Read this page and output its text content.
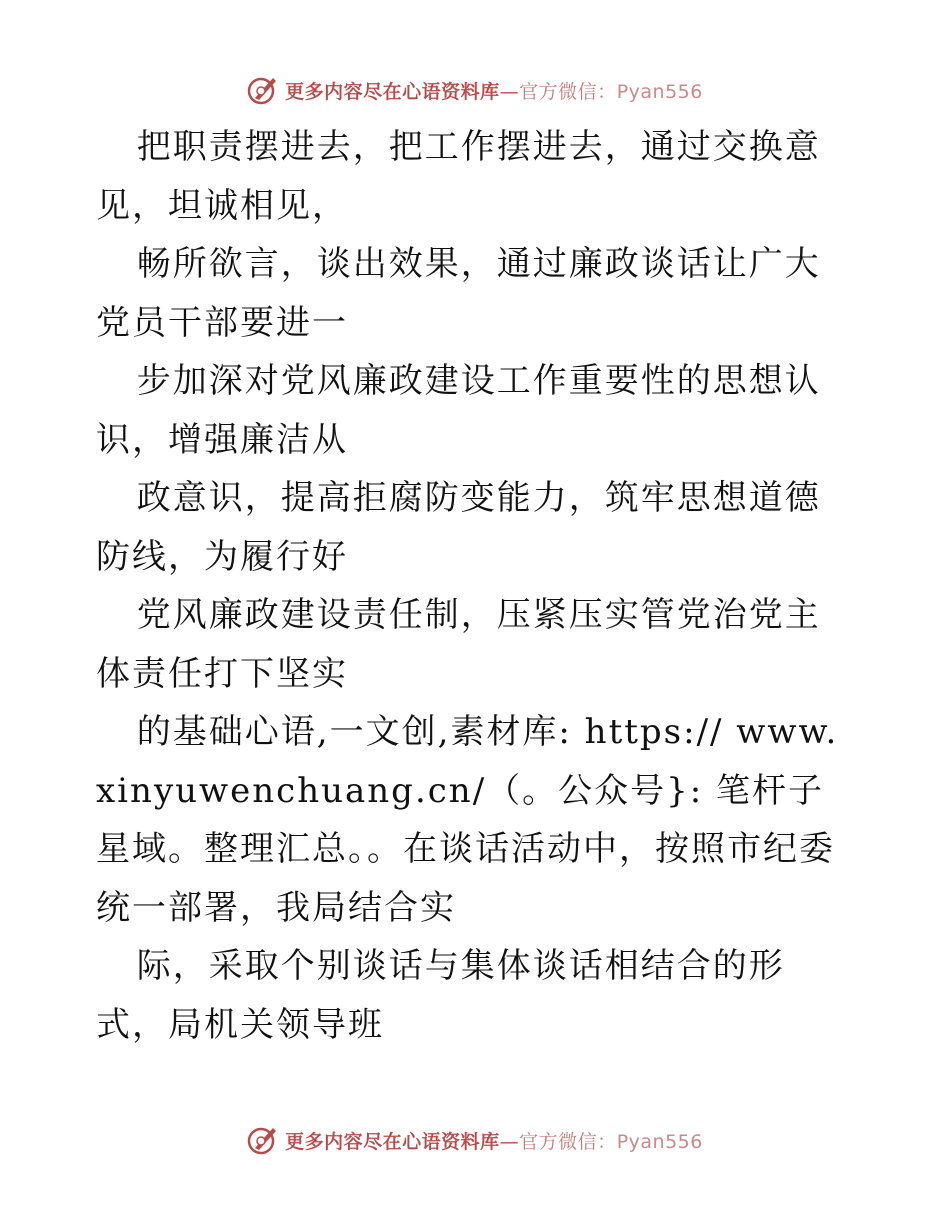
更多内容尽在心语资料库—官方微信：Pyan556

把职责摆进去，把工作摆进去，通过交换意见，坦诚相见，

畅所欲言，谈出效果，通过廉政谈话让广大党员干部要进一

步加深对党风廉政建设工作重要性的思想认识，增强廉洁从

政意识，提高拒腐防变能力，筑牢思想道德防线，为履行好

党风廉政建设责任制，压紧压实管党治党主体责任打下坚实

的基础心语,一文创,素材库: https:// www.xinyuwenchuang.cn/（。公众号}: 笔杆子星域。整理汇总。。在谈话活动中，按照市纪委统一部署，我局结合实

际，采取个别谈话与集体谈话相结合的形式，局机关领导班

更多内容尽在心语资料库—官方微信：Pyan556
